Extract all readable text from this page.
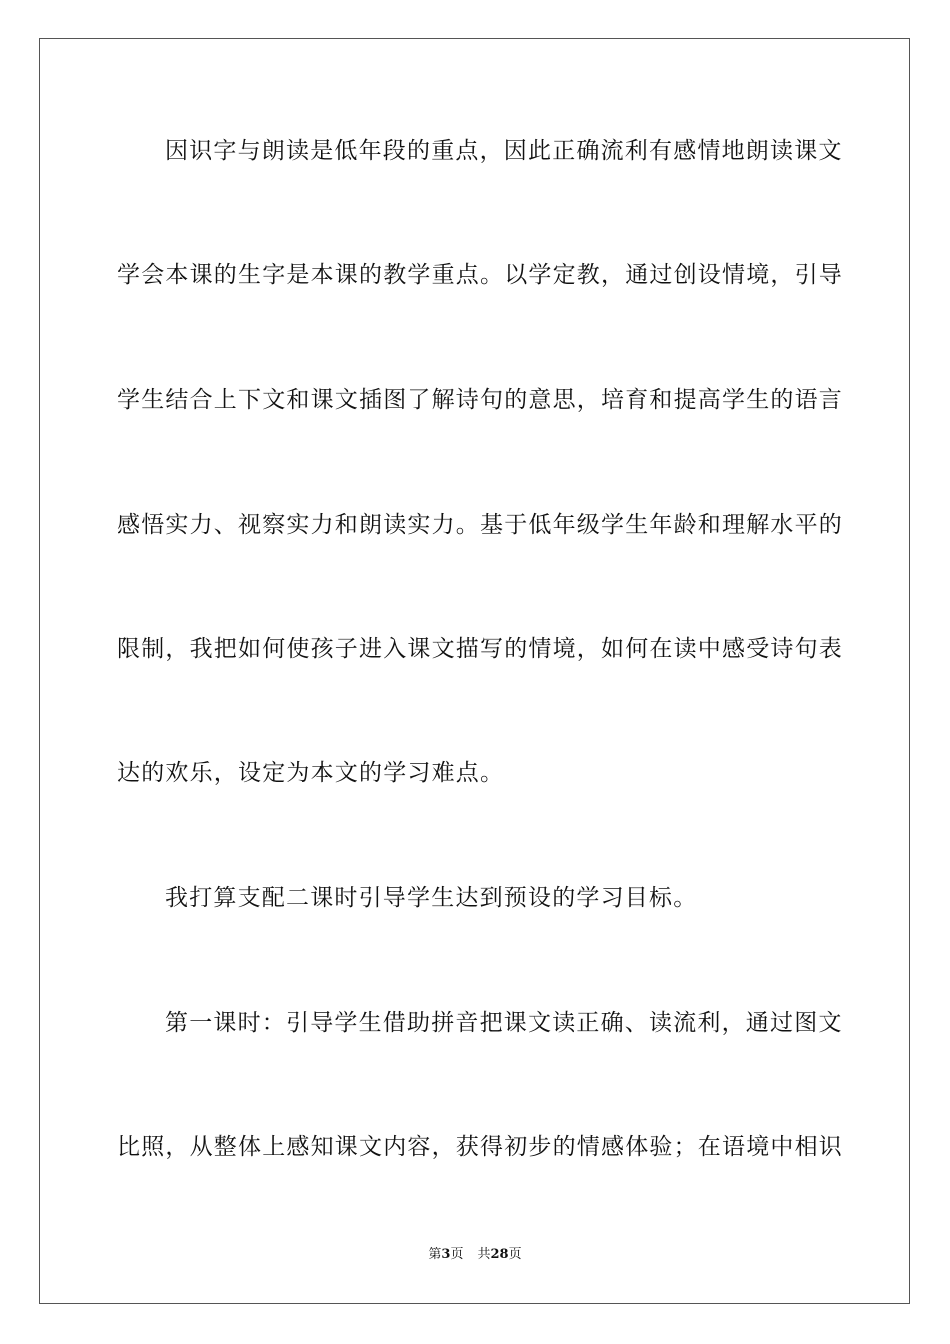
因识字与朗读是低年段的重点，因此正确流利有感情地朗读课文
学会本课的生字是本课的教学重点。以学定教，通过创设情境，引导
学生结合上下文和课文插图了解诗句的意思，培育和提高学生的语言
感悟实力、视察实力和朗读实力。基于低年级学生年龄和理解水平的
限制，我把如何使孩子进入课文描写的情境，如何在读中感受诗句表
达的欢乐，设定为本文的学习难点。
我打算支配二课时引导学生达到预设的学习目标。
第一课时：引导学生借助拼音把课文读正确、读流利，通过图文
比照，从整体上感知课文内容，获得初步的情感体验；在语境中相识
第3页 共28页
